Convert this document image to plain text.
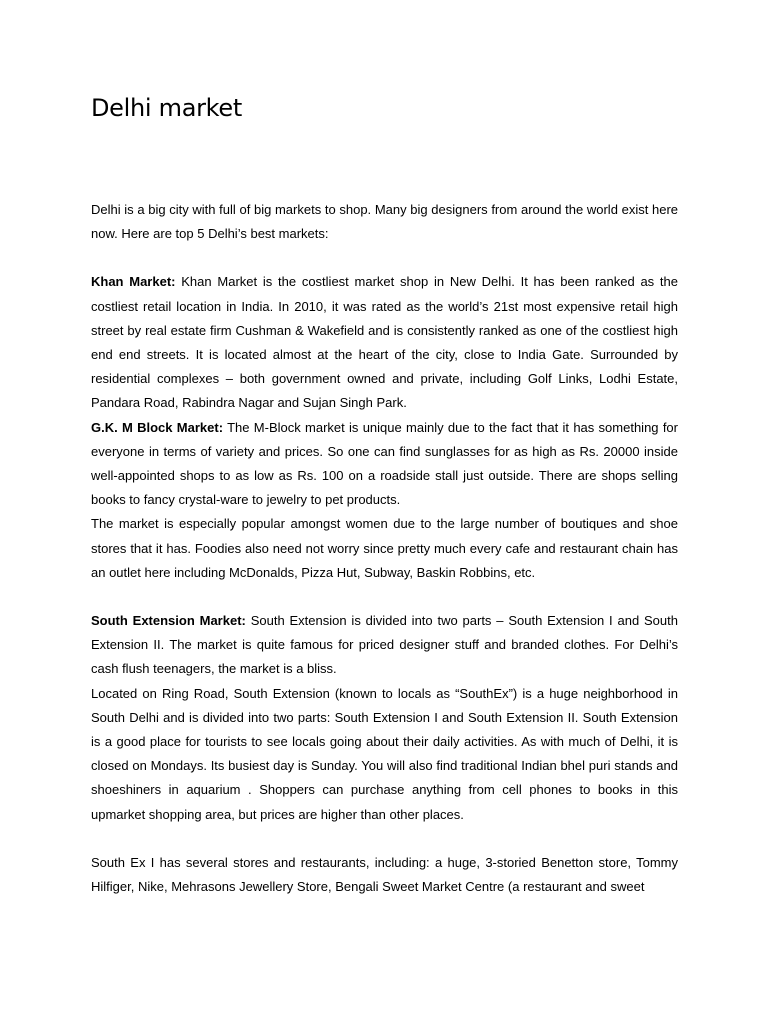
Delhi market

Delhi is a big city with full of big markets to shop. Many big designers from around the world exist here now. Here are top 5 Delhi’s best markets:

Khan Market: Khan Market is the costliest market shop in New Delhi. It has been ranked as the costliest retail location in India. In 2010, it was rated as the world’s 21st most expensive retail high street by real estate firm Cushman & Wakefield and is consistently ranked as one of the costliest high end end streets. It is located almost at the heart of the city, close to India Gate. Surrounded by residential complexes – both government owned and private, including Golf Links, Lodhi Estate, Pandara Road, Rabindra Nagar and Sujan Singh Park.

G.K. M Block Market: The M-Block market is unique mainly due to the fact that it has something for everyone in terms of variety and prices. So one can find sunglasses for as high as Rs. 20000 inside well-appointed shops to as low as Rs. 100 on a roadside stall just outside. There are shops selling books to fancy crystal-ware to jewelry to pet products.

The market is especially popular amongst women due to the large number of boutiques and shoe stores that it has. Foodies also need not worry since pretty much every cafe and restaurant chain has an outlet here including McDonalds, Pizza Hut, Subway, Baskin Robbins, etc.

South Extension Market: South Extension is divided into two parts – South Extension I and South Extension II. The market is quite famous for priced designer stuff and branded clothes. For Delhi’s cash flush teenagers, the market is a bliss.

Located on Ring Road, South Extension (known to locals as “SouthEx”) is a huge neighborhood in South Delhi and is divided into two parts: South Extension I and South Extension II. South Extension is a good place for tourists to see locals going about their daily activities. As with much of Delhi, it is closed on Mondays. Its busiest day is Sunday. You will also find traditional Indian bhel puri stands and shoeshiners in aquarium . Shoppers can purchase anything from cell phones to books in this upmarket shopping area, but prices are higher than other places.

South Ex I has several stores and restaurants, including: a huge, 3-storied Benetton store, Tommy Hilfiger, Nike, Mehrasons Jewellery Store, Bengali Sweet Market Centre (a restaurant and sweet
